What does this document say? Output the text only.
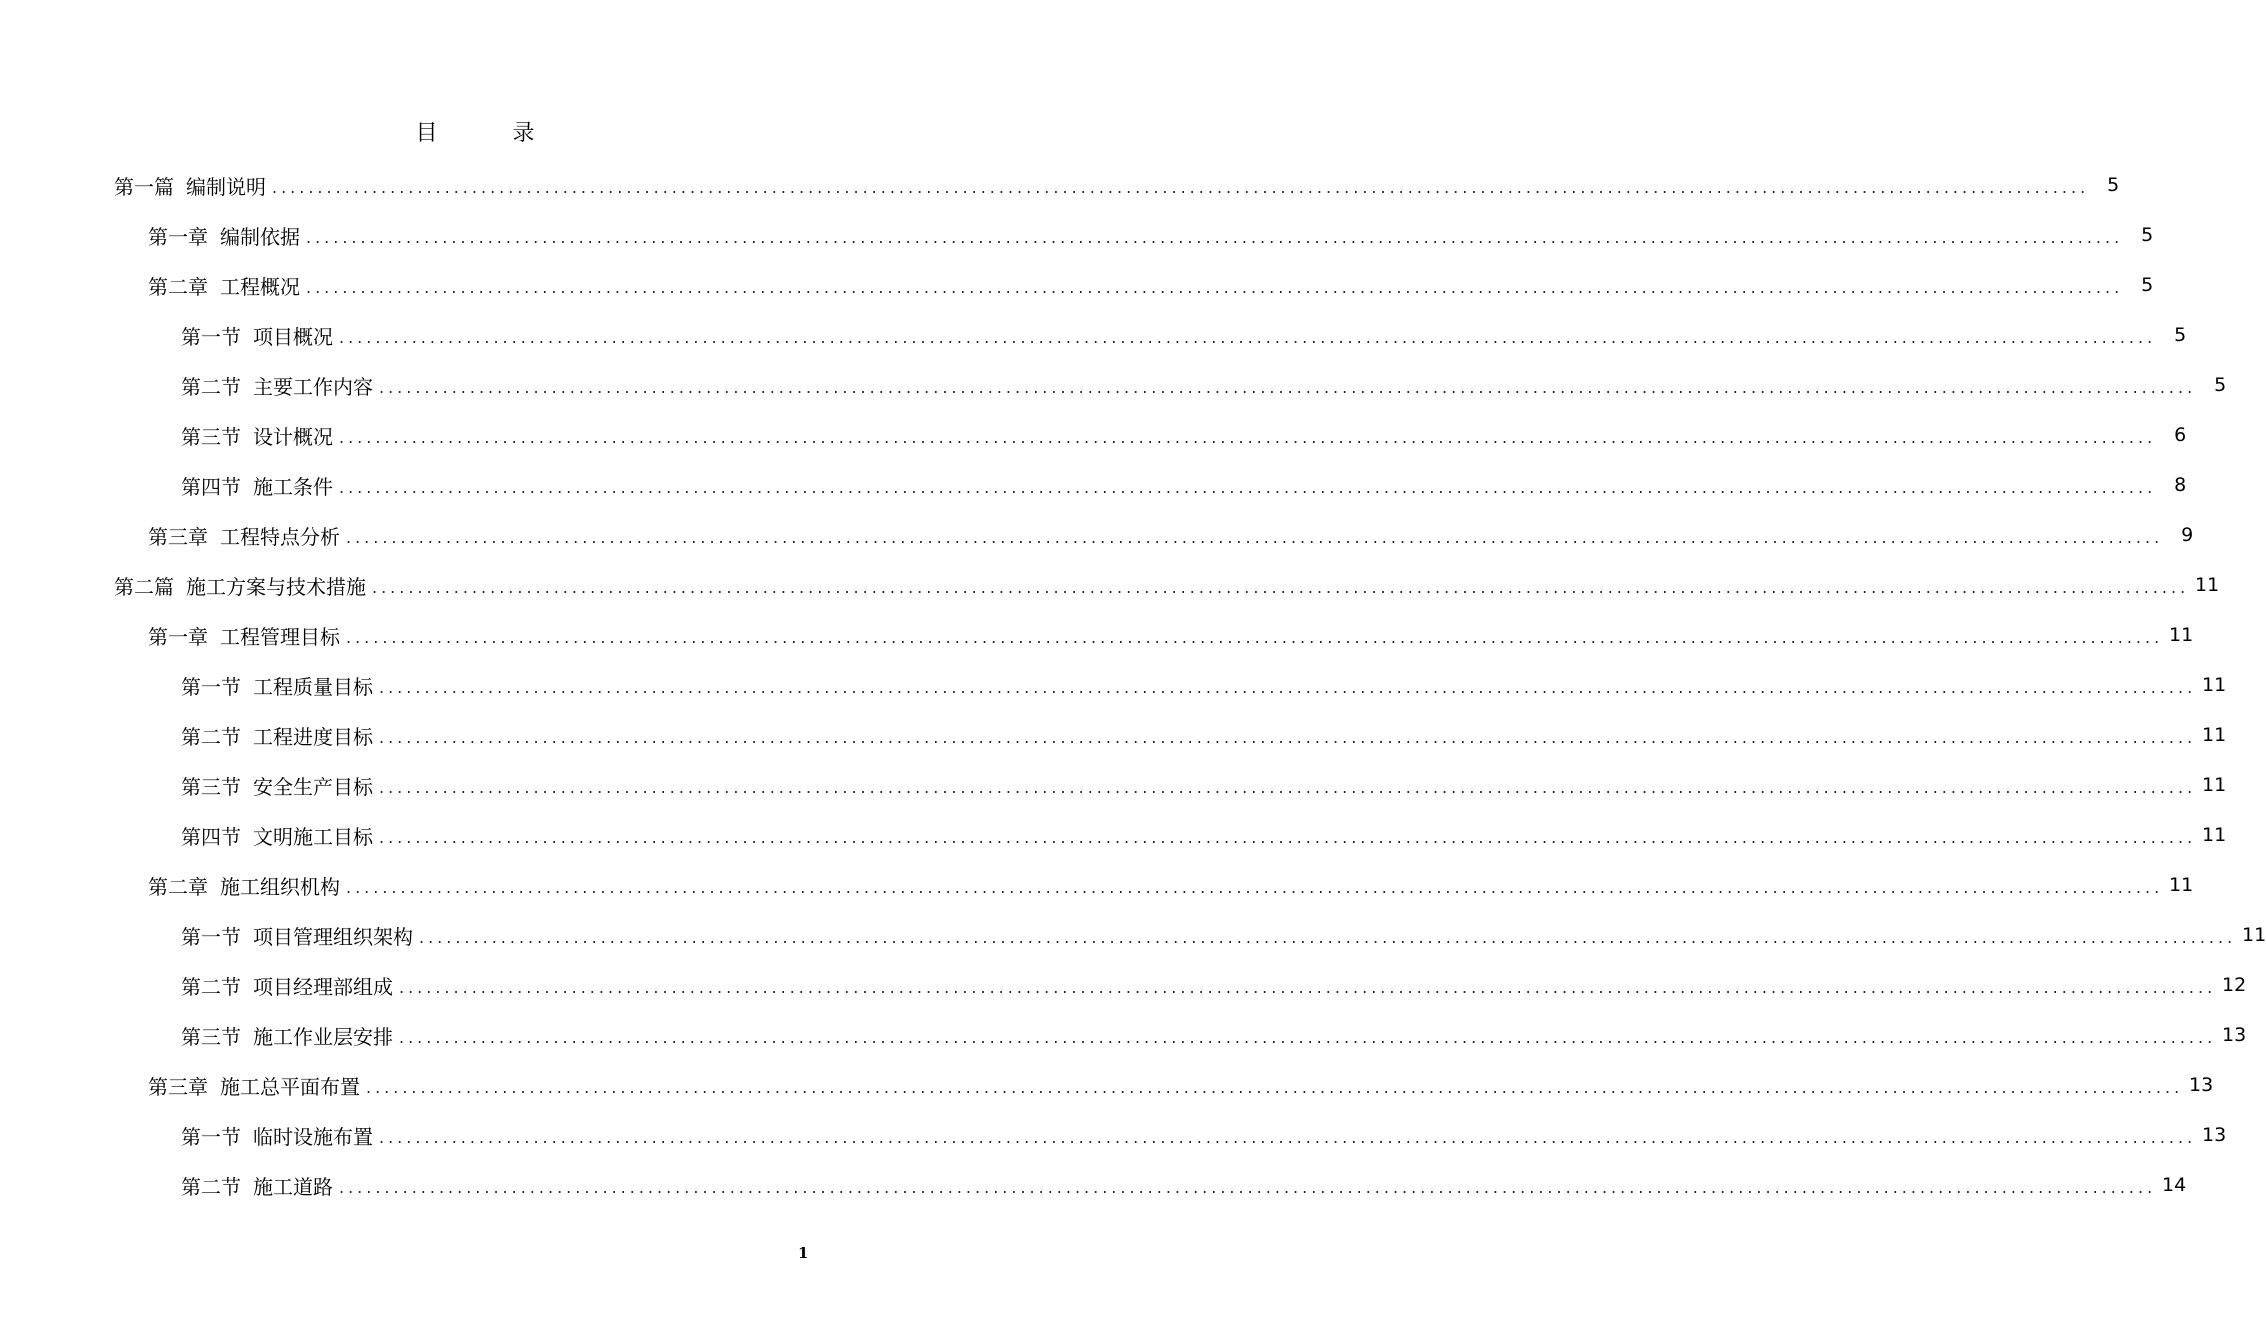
目 录
第一篇 编制说明 ........................................................................................................................................................................................................ 5
第一章 编制依据 ........................................................................................................................................................................................................ 5
第二章 工程概况 ........................................................................................................................................................................................................ 5
第一节 项目概况 ........................................................................................................................................................................................................ 5
第二节 主要工作内容 ........................................................................................................................................................................................................ 5
第三节 设计概况 ........................................................................................................................................................................................................ 6
第四节 施工条件 ........................................................................................................................................................................................................ 8
第三章 工程特点分析 ........................................................................................................................................................................................................ 9
第二篇 施工方案与技术措施 ........................................................................................................................................................................................................ 11
第一章 工程管理目标 ........................................................................................................................................................................................................ 11
第一节 工程质量目标 ........................................................................................................................................................................................................ 11
第二节 工程进度目标 ........................................................................................................................................................................................................ 11
第三节 安全生产目标 ........................................................................................................................................................................................................ 11
第四节 文明施工目标 ........................................................................................................................................................................................................ 11
第二章 施工组织机构 ........................................................................................................................................................................................................ 11
第一节 项目管理组织架构 ........................................................................................................................................................................................................ 11
第二节 项目经理部组成 ........................................................................................................................................................................................................ 12
第三节 施工作业层安排 ........................................................................................................................................................................................................ 13
第三章 施工总平面布置 ........................................................................................................................................................................................................ 13
第一节 临时设施布置 ........................................................................................................................................................................................................ 13
第二节 施工道路 ........................................................................................................................................................................................................ 14
1
